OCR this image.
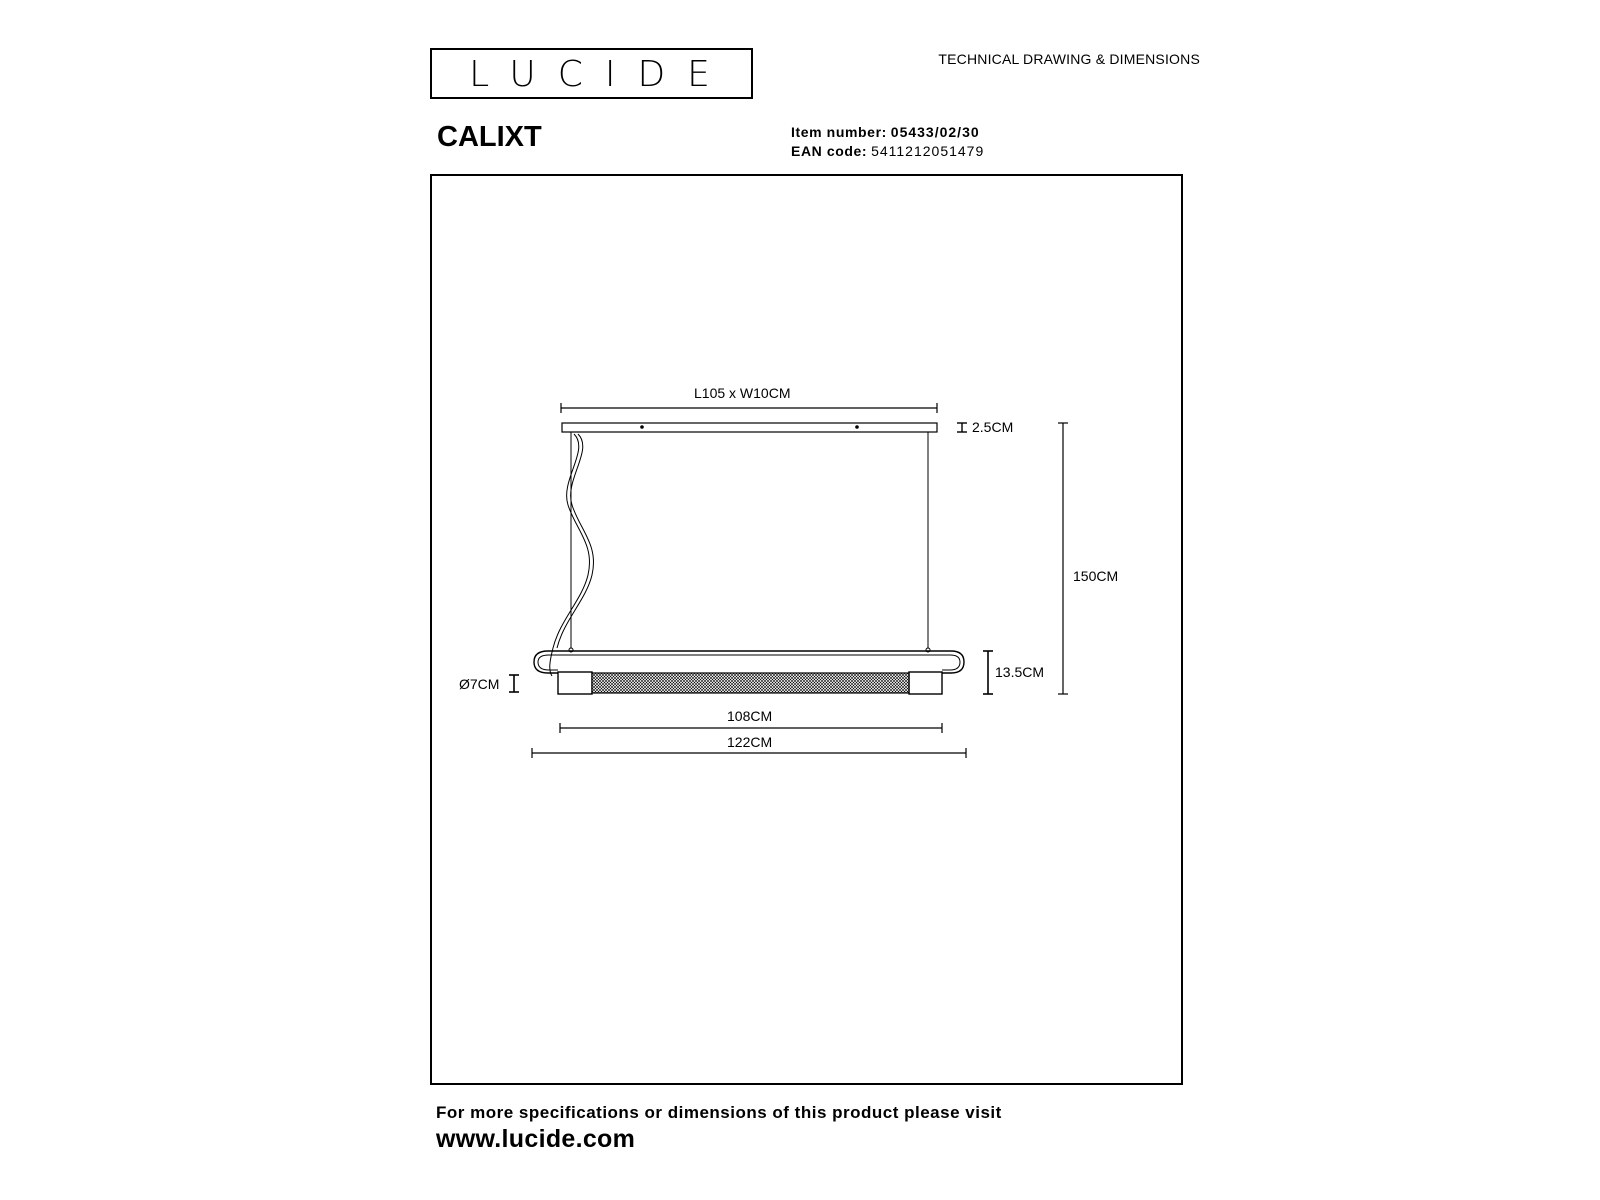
LUCIDE	TECHNICAL DRAWING & DIMENSIONS
CALIXT	Item number: 05433/02/30
EAN code: 5411212051479
L105 x W10CM
2.5CM
13.5CM
150CM
Ø7CM
108CM
122CM
For more specifications or dimensions of this product please visit
www.lucide.com
